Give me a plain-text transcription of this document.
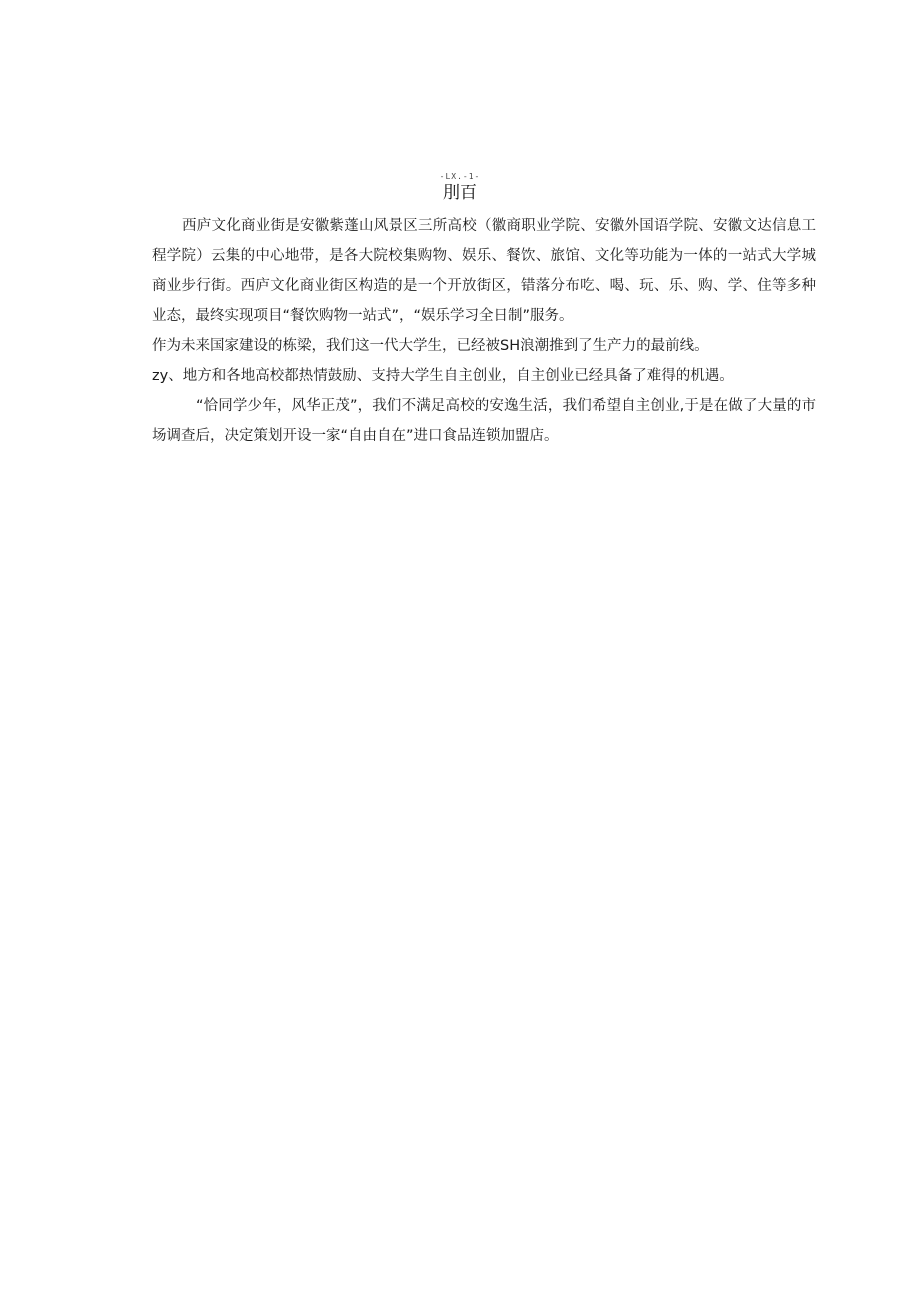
-LX.-1-
刖百

西庐文化商业街是安徽紫蓬山风景区三所高校（徽商职业学院、安徽外国语学院、安徽文达信息工程学院）云集的中心地带，是各大院校集购物、娱乐、餐饮、旅馆、文化等功能为一体的一站式大学城商业步行街。西庐文化商业街区构造的是一个开放街区，错落分布吃、喝、玩、乐、购、学、住等多种业态，最终实现项目“餐饮购物一站式”，“娱乐学习全日制”服务。

作为未来国家建设的栋梁，我们这一代大学生，已经被SH浪潮推到了生产力的最前线。

zy、地方和各地高校都热情鼓励、支持大学生自主创业，自主创业已经具备了难得的机遇。

“恰同学少年，风华正茂”，我们不满足高校的安逸生活，我们希望自主创业,于是在做了大量的市场调查后，决定策划开设一家“自由自在”进口食品连锁加盟店。
